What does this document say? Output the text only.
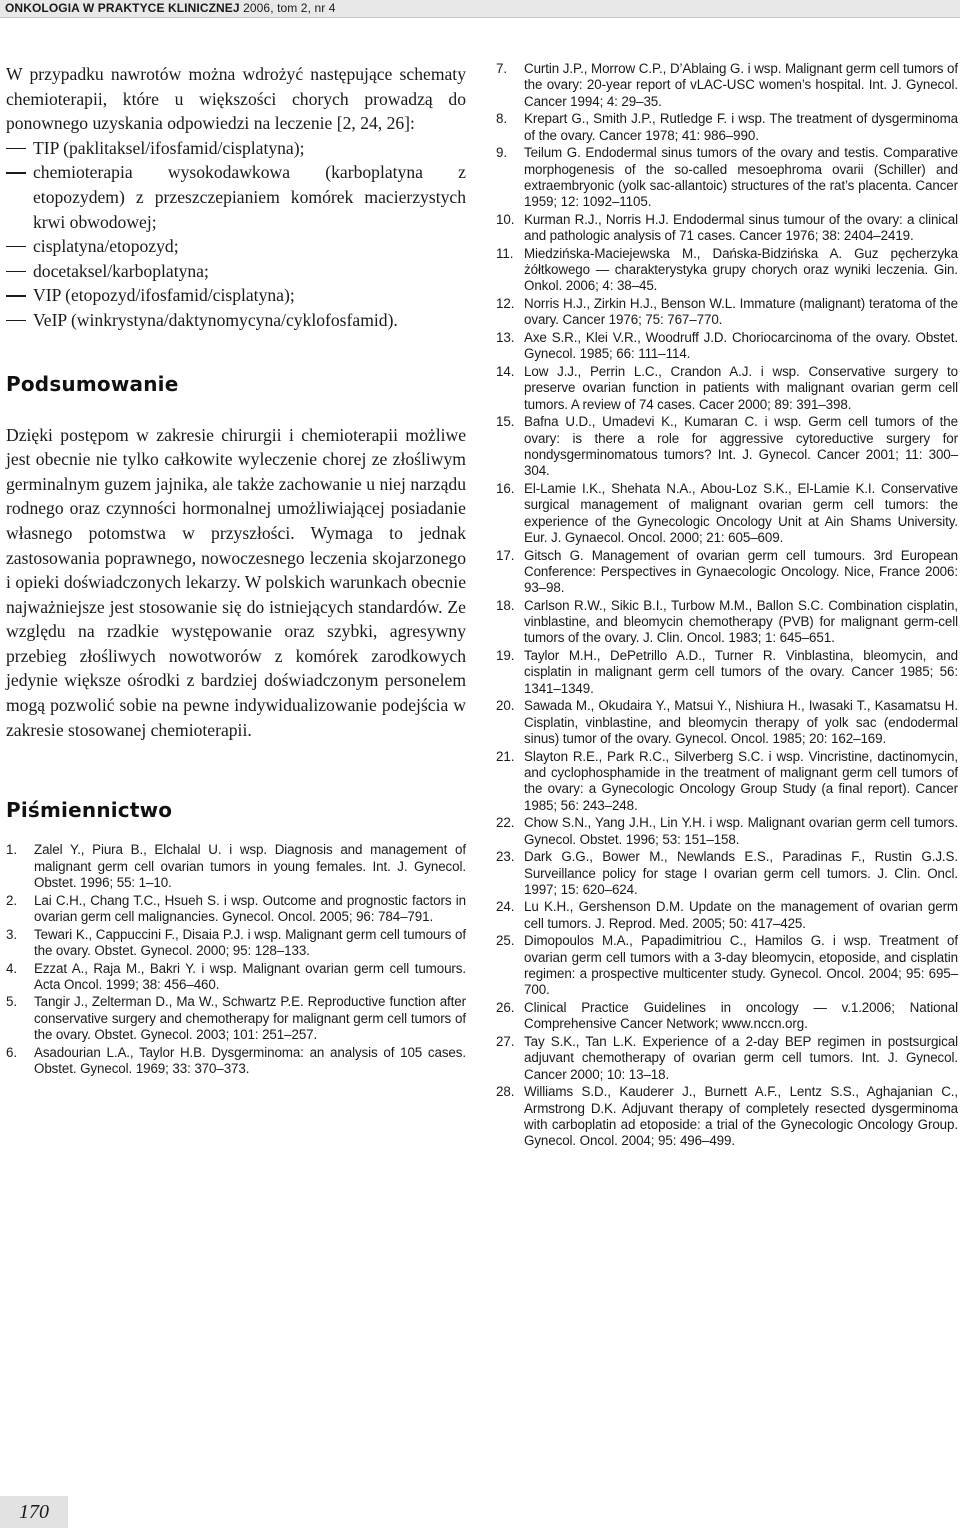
ONKOLOGIA W PRAKTYCE KLINICZNEJ 2006, tom 2, nr 4

W przypadku nawrotów można wdrożyć następujące schematy chemioterapii, które u większości chorych prowadzą do ponownego uzyskania odpowiedzi na leczenie [2, 24, 26]:

TIP (paklitaksel/ifosfamid/cisplatyna);
chemioterapia wysokodawkowa (karboplatyna z etopozydem) z przeszczepianiem komórek macierzystych krwi obwodowej;
cisplatyna/etopozyd;
docetaksel/karboplatyna;
VIP (etopozyd/ifosfamid/cisplatyna);
VeIP (winkrystyna/daktynomycyna/cyklofosfamid).
Podsumowanie

Dzięki postępom w zakresie chirurgii i chemioterapii możliwe jest obecnie nie tylko całkowite wyleczenie chorej ze złośliwym germinalnym guzem jajnika, ale także zachowanie u niej narządu rodnego oraz czynności hormonalnej umożliwiającej posiadanie własnego potomstwa w przyszłości. Wymaga to jednak zastosowania poprawnego, nowoczesnego leczenia skojarzonego i opieki doświadczonych lekarzy. W polskich warunkach obecnie najważniejsze jest stosowanie się do istniejących standardów. Ze względu na rzadkie występowanie oraz szybki, agresywny przebieg złośliwych nowotworów z komórek zarodkowych jedynie większe ośrodki z bardziej doświadczonym personelem mogą pozwolić sobie na pewne indywidualizowanie podejścia w zakresie stosowanej chemioterapii.

Piśmiennictwo
1. Zalel Y., Piura B., Elchalal U. i wsp. Diagnosis and management of malignant germ cell ovarian tumors in young females. Int. J. Gynecol. Obstet. 1996; 55: 1–10.
2. Lai C.H., Chang T.C., Hsueh S. i wsp. Outcome and prognostic factors in ovarian germ cell malignancies. Gynecol. Oncol. 2005; 96: 784–791.
3. Tewari K., Cappuccini F., Disaia P.J. i wsp. Malignant germ cell tumours of the ovary. Obstet. Gynecol. 2000; 95: 128–133.
4. Ezzat A., Raja M., Bakri Y. i wsp. Malignant ovarian germ cell tumours. Acta Oncol. 1999; 38: 456–460.
5. Tangir J., Zelterman D., Ma W., Schwartz P.E. Reproductive function after conservative surgery and chemotherapy for malignant germ cell tumors of the ovary. Obstet. Gynecol. 2003; 101: 251–257.
6. Asadourian L.A., Taylor H.B. Dysgerminoma: an analysis of 105 cases. Obstet. Gynecol. 1969; 33: 370–373.
7. Curtin J.P., Morrow C.P., D’Ablaing G. i wsp. Malignant germ cell tumors of the ovary: 20-year report of vLAC-USC women’s hospital. Int. J. Gynecol. Cancer 1994; 4: 29–35.
8. Krepart G., Smith J.P., Rutledge F. i wsp. The treatment of dysgerminoma of the ovary. Cancer 1978; 41: 986–990.
9. Teilum G. Endodermal sinus tumors of the ovary and testis. Comparative morphogenesis of the so-called mesoephroma ovarii (Schiller) and extraembryonic (yolk sac-allantoic) structures of the rat’s placenta. Cancer 1959; 12: 1092–1105.
10. Kurman R.J., Norris H.J. Endodermal sinus tumour of the ovary: a clinical and pathologic analysis of 71 cases. Cancer 1976; 38: 2404–2419.
11. Miedzińska-Maciejewska M., Dańska-Bidzińska A. Guz pęcherzyka żółtkowego — charakterystyka grupy chorych oraz wyniki leczenia. Gin. Onkol. 2006; 4: 38–45.
12. Norris H.J., Zirkin H.J., Benson W.L. Immature (malignant) teratoma of the ovary. Cancer 1976; 75: 767–770.
13. Axe S.R., Klei V.R., Woodruff J.D. Choriocarcinoma of the ovary. Obstet. Gynecol. 1985; 66: 111–114.
14. Low J.J., Perrin L.C., Crandon A.J. i wsp. Conservative surgery to preserve ovarian function in patients with malignant ovarian germ cell tumors. A review of 74 cases. Cacer 2000; 89: 391–398.
15. Bafna U.D., Umadevi K., Kumaran C. i wsp. Germ cell tumors of the ovary: is there a role for aggressive cytoreductive surgery for nondysgerminomatous tumors? Int. J. Gynecol. Cancer 2001; 11: 300–304.
16. El-Lamie I.K., Shehata N.A., Abou-Loz S.K., El-Lamie K.I. Conservative surgical management of malignant ovarian germ cell tumors: the experience of the Gynecologic Oncology Unit at Ain Shams University. Eur. J. Gynaecol. Oncol. 2000; 21: 605–609.
17. Gitsch G. Management of ovarian germ cell tumours. 3rd European Conference: Perspectives in Gynaecologic Oncology. Nice, France 2006: 93–98.
18. Carlson R.W., Sikic B.I., Turbow M.M., Ballon S.C. Combination cisplatin, vinblastine, and bleomycin chemotherapy (PVB) for malignant germ-cell tumors of the ovary. J. Clin. Oncol. 1983; 1: 645–651.
19. Taylor M.H., DePetrillo A.D., Turner R. Vinblastina, bleomycin, and cisplatin in malignant germ cell tumors of the ovary. Cancer 1985; 56: 1341–1349.
20. Sawada M., Okudaira Y., Matsui Y., Nishiura H., Iwasaki T., Kasamatsu H. Cisplatin, vinblastine, and bleomycin therapy of yolk sac (endodermal sinus) tumor of the ovary. Gynecol. Oncol. 1985; 20: 162–169.
21. Slayton R.E., Park R.C., Silverberg S.C. i wsp. Vincristine, dactinomycin, and cyclophosphamide in the treatment of malignant germ cell tumors of the ovary: a Gynecologic Oncology Group Study (a final report). Cancer 1985; 56: 243–248.
22. Chow S.N., Yang J.H., Lin Y.H. i wsp. Malignant ovarian germ cell tumors. Gynecol. Obstet. 1996; 53: 151–158.
23. Dark G.G., Bower M., Newlands E.S., Paradinas F., Rustin G.J.S. Surveillance policy for stage I ovarian germ cell tumors. J. Clin. Oncl. 1997; 15: 620–624.
24. Lu K.H., Gershenson D.M. Update on the management of ovarian germ cell tumors. J. Reprod. Med. 2005; 50: 417–425.
25. Dimopoulos M.A., Papadimitriou C., Hamilos G. i wsp. Treatment of ovarian germ cell tumors with a 3-day bleomycin, etoposide, and cisplatin regimen: a prospective multicenter study. Gynecol. Oncol. 2004; 95: 695–700.
26. Clinical Practice Guidelines in oncology — v.1.2006; National Comprehensive Cancer Network; www.nccn.org.
27. Tay S.K., Tan L.K. Experience of a 2-day BEP regimen in postsurgical adjuvant chemotherapy of ovarian germ cell tumors. Int. J. Gynecol. Cancer 2000; 10: 13–18.
28. Williams S.D., Kauderer J., Burnett A.F., Lentz S.S., Aghajanian C., Armstrong D.K. Adjuvant therapy of completely resected dysgerminoma with carboplatin ad etoposide: a trial of the Gynecologic Oncology Group. Gynecol. Oncol. 2004; 95: 496–499.
170
